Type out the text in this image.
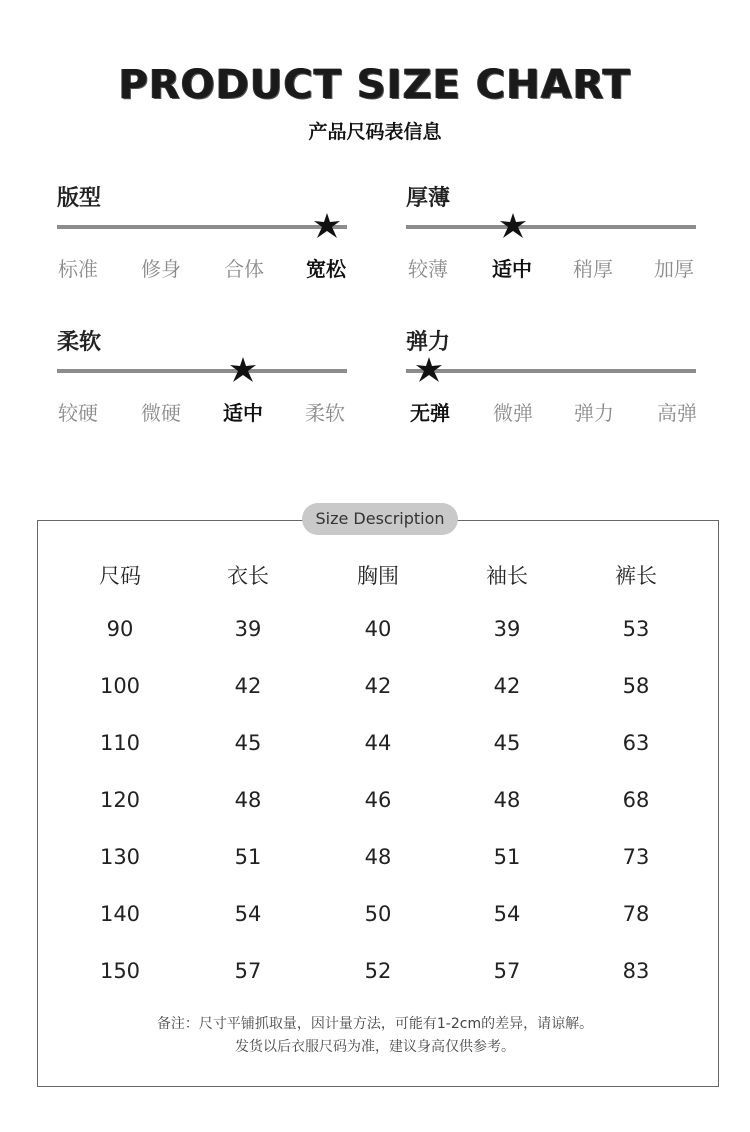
PRODUCT SIZE CHART
产品尺码表信息
版型
标准	修身	合体	宽松
厚薄
较薄	适中	稍厚	加厚
柔软
较硬	微硬	适中	柔软
弹力
无弹	微弹	弹力	高弹
Size Description
尺码	衣长	胸围	袖长	裤长
90	39	40	39	53
100	42	42	42	58
110	45	44	45	63
120	48	46	48	68
130	51	48	51	73
140	54	50	54	78
150	57	52	57	83
备注：尺寸平铺抓取量，因计量方法，可能有1-2cm的差异，请谅解。
发货以后衣服尺码为准，建议身高仅供参考。
